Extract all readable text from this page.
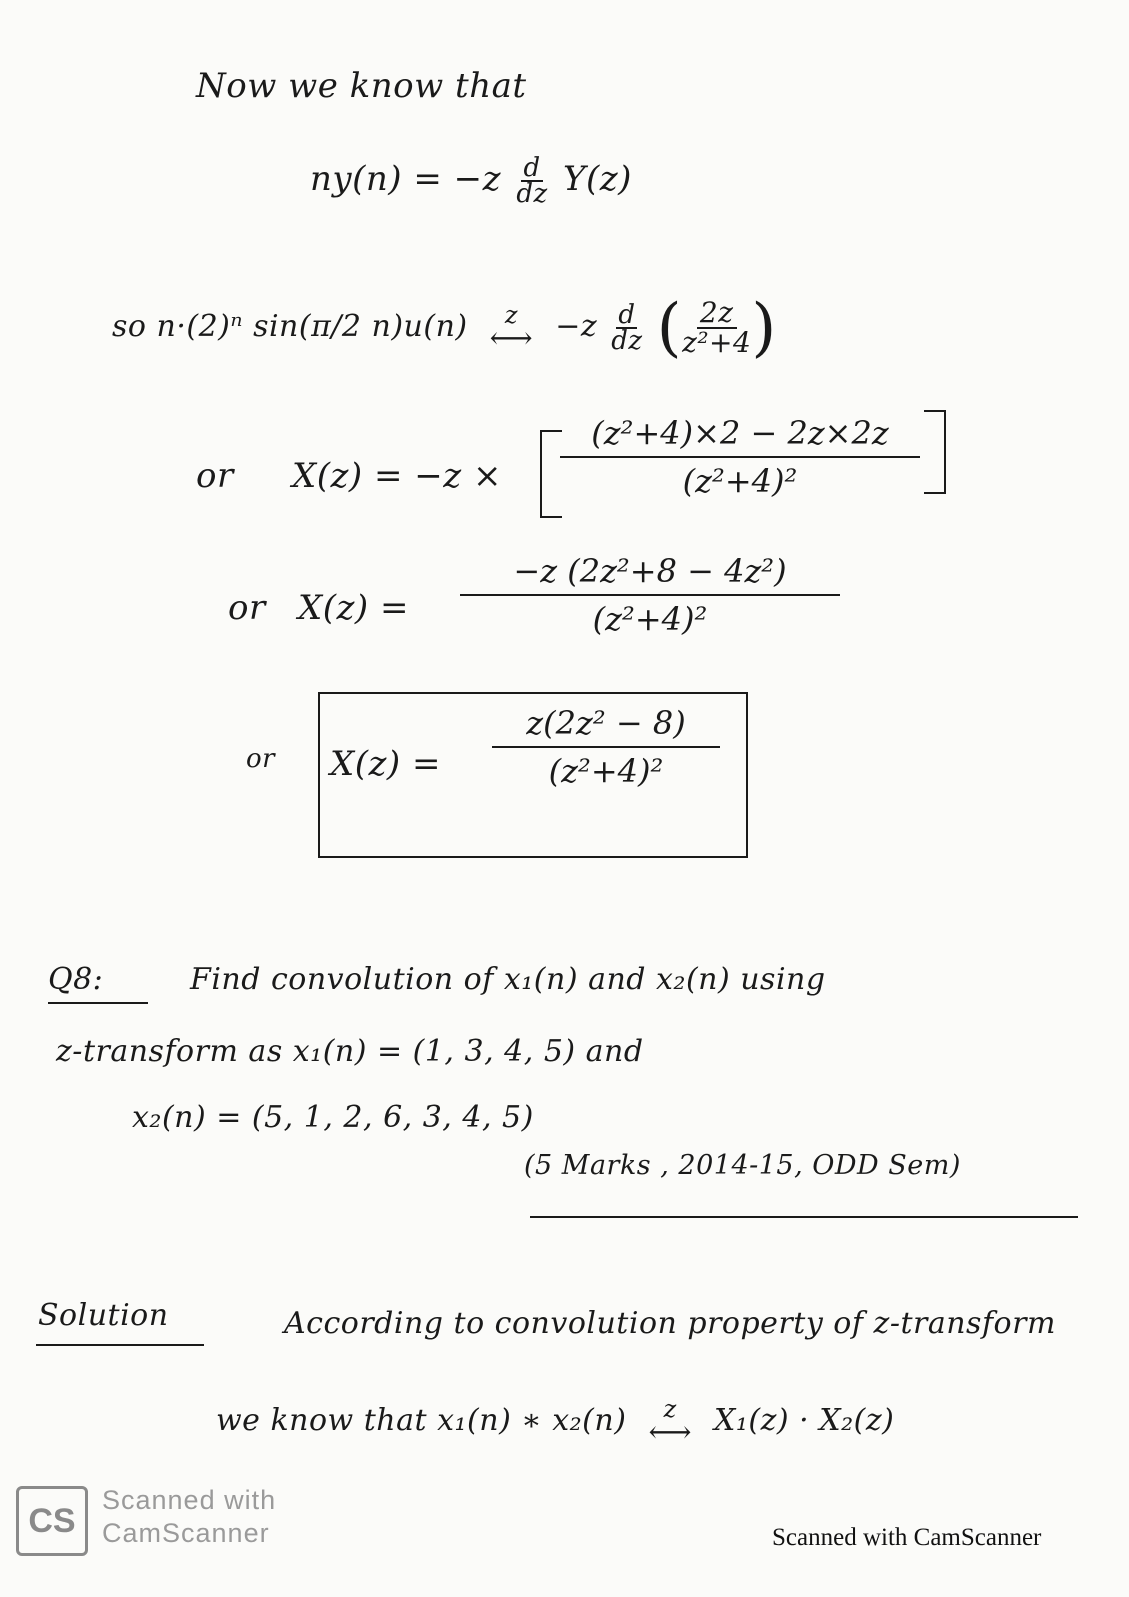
Now we know that
$ny(n) = -z \frac{d}{dz} Y(z)$
so n·(2)ⁿ sin(π/2 n)u(n) z
⟷ $-z \frac{d}{dz}$
( $\frac{2z}{\text{z²+4}}$ )
or X(z) = −z ×
(z²+4)×2 − 2z×2z
(z²+4)²
or X(z) =
−z (2z²+8 − 4z²)
(z²+4)²
or X(z) =
z(2z² − 8)
(z²+4)²
Q8:	Find convolution of x₁(n) and x₂(n) using
z-transform as x₁(n) = (1, 3, 4, 5) and
x₂(n) = (5, 1, 2, 6, 3, 4, 5)
(5 Marks , 2014-15, ODD Sem)
Solution	According to convolution property of z-transform
we know that x₁(n) ∗ x₂(n) z
⟷ X₁(z) · X₂(z)
CS
Scanned with
CamScanner	Scanned with CamScanner
